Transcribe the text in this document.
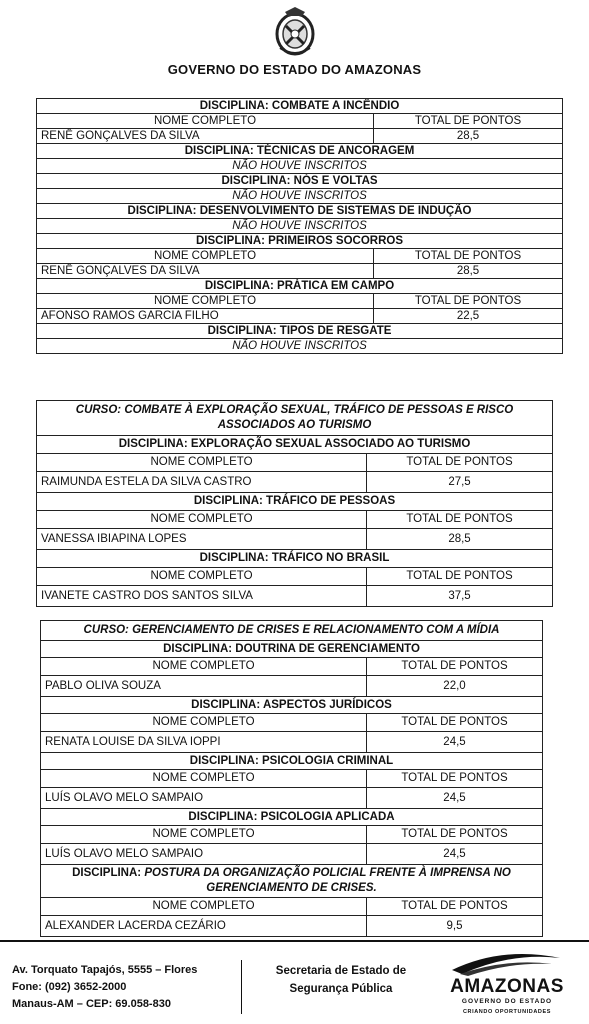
GOVERNO DO ESTADO DO AMAZONAS
DISCIPLINA: COMBATE A INCÊNDIO	
NOME COMPLETO	TOTAL DE PONTOS
RENÊ GONÇALVES DA SILVA	28,5
DISCIPLINA: TÉCNICAS DE ANCORAGEM	
NÃO HOUVE INSCRITOS	
DISCIPLINA: NÓS E VOLTAS	
NÃO HOUVE INSCRITOS	
DISCIPLINA: DESENVOLVIMENTO DE SISTEMAS DE INDUÇÃO	
NÃO HOUVE INSCRITOS	
DISCIPLINA: PRIMEIROS SOCORROS	
NOME COMPLETO	TOTAL DE PONTOS
RENÊ GONÇALVES DA SILVA	28,5
DISCIPLINA: PRÁTICA EM CAMPO	
NOME COMPLETO	TOTAL DE PONTOS
AFONSO RAMOS GARCIA FILHO	22,5
DISCIPLINA: TIPOS DE RESGATE	
NÃO HOUVE INSCRITOS	
CURSO: COMBATE À EXPLORAÇÃO SEXUAL, TRÁFICO DE PESSOAS E RISCO ASSOCIADOS AO TURISMO	
DISCIPLINA: EXPLORAÇÃO SEXUAL ASSOCIADO AO TURISMO	
NOME COMPLETO	TOTAL DE PONTOS
RAIMUNDA ESTELA DA SILVA CASTRO	27,5
DISCIPLINA: TRÁFICO DE PESSOAS	
NOME COMPLETO	TOTAL DE PONTOS
VANESSA IBIAPINA LOPES	28,5
DISCIPLINA: TRÁFICO NO BRASIL	
NOME COMPLETO	TOTAL DE PONTOS
IVANETE CASTRO DOS SANTOS SILVA	37,5
CURSO: GERENCIAMENTO DE CRISES E RELACIONAMENTO COM A MÍDIA	
DISCIPLINA: DOUTRINA DE GERENCIAMENTO	
NOME COMPLETO	TOTAL DE PONTOS
PABLO OLIVA SOUZA	22,0
DISCIPLINA: ASPECTOS JURÍDICOS	
NOME COMPLETO	TOTAL DE PONTOS
RENATA LOUISE DA SILVA IOPPI	24,5
DISCIPLINA: PSICOLOGIA CRIMINAL	
NOME COMPLETO	TOTAL DE PONTOS
LUÍS OLAVO MELO SAMPAIO	24,5
DISCIPLINA: PSICOLOGIA APLICADA	
NOME COMPLETO	TOTAL DE PONTOS
LUÍS OLAVO MELO SAMPAIO	24,5
DISCIPLINA: POSTURA DA ORGANIZAÇÃO POLICIAL FRENTE À IMPRENSA NO GERENCIAMENTO DE CRISES.	
NOME COMPLETO	TOTAL DE PONTOS
ALEXANDER LACERDA CEZÁRIO	9,5
Av. Torquato Tapajós, 5555 – Flores
Fone: (092) 3652-2000
Manaus-AM – CEP: 69.058-830
Secretaria de Estado de
Segurança Pública	AMAZONAS
GOVERNO DO ESTADO
CRIANDO OPORTUNIDADES
